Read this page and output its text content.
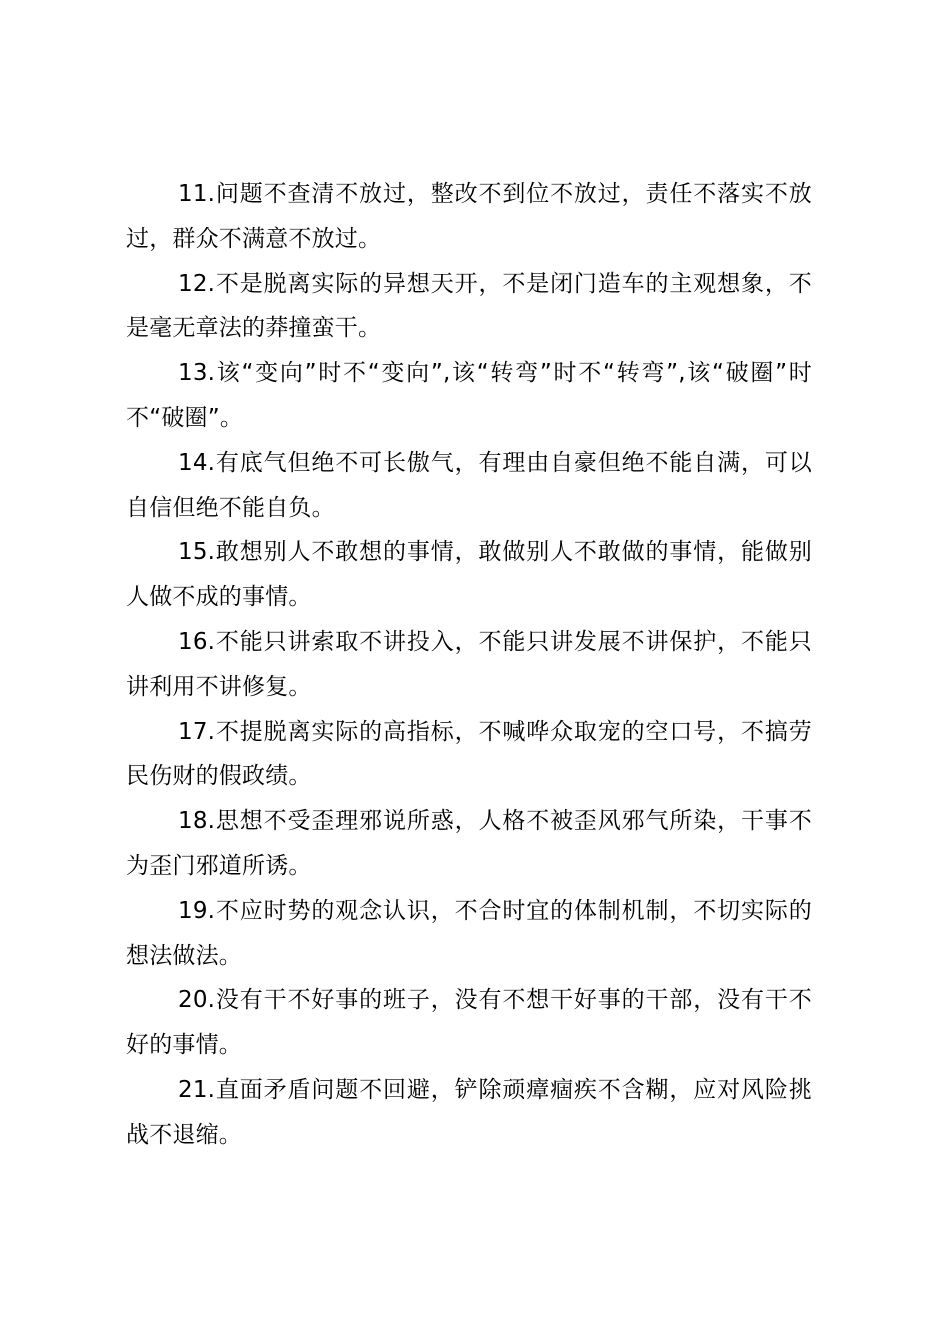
11.问题不查清不放过，整改不到位不放过，责任不落实不放过，群众不满意不放过。

12.不是脱离实际的异想天开，不是闭门造车的主观想象，不是毫无章法的莽撞蛮干。

13.该“变向”时不“变向”,该“转弯”时不“转弯”,该“破圈”时不“破圈”。

14.有底气但绝不可长傲气，有理由自豪但绝不能自满，可以自信但绝不能自负。

15.敢想别人不敢想的事情，敢做别人不敢做的事情，能做别人做不成的事情。

16.不能只讲索取不讲投入，不能只讲发展不讲保护，不能只讲利用不讲修复。

17.不提脱离实际的高指标，不喊哗众取宠的空口号，不搞劳民伤财的假政绩。

18.思想不受歪理邪说所惑，人格不被歪风邪气所染，干事不为歪门邪道所诱。

19.不应时势的观念认识，不合时宜的体制机制，不切实际的想法做法。

20.没有干不好事的班子，没有不想干好事的干部，没有干不好的事情。

21.直面矛盾问题不回避，铲除顽瘴痼疾不含糊，应对风险挑战不退缩。
